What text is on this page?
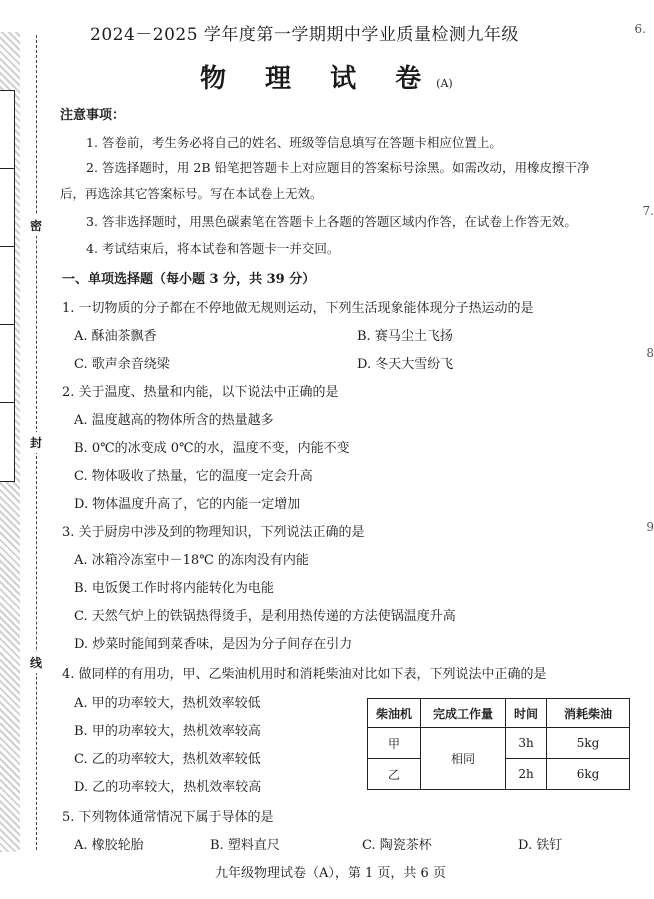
密
封
线
6.
7.
8
9
2024－2025 学年度第一学期期中学业质量检测九年级
物 理 试 卷(A)
注意事项：
1. 答卷前，考生务必将自己的姓名、班级等信息填写在答题卡相应位置上。
2. 答选择题时，用 2B 铅笔把答题卡上对应题目的答案标号涂黑。如需改动，用橡皮擦干净
后，再选涂其它答案标号。写在本试卷上无效。
3. 答非选择题时，用黑色碳素笔在答题卡上各题的答题区域内作答，在试卷上作答无效。
4. 考试结束后，将本试卷和答题卡一并交回。
一、单项选择题（每小题 3 分，共 39 分）
1. 一切物质的分子都在不停地做无规则运动，下列生活现象能体现分子热运动的是
A. 酥油茶飘香	B. 赛马尘土飞扬
C. 歌声余音绕梁	D. 冬天大雪纷飞
2. 关于温度、热量和内能，以下说法中正确的是
A. 温度越高的物体所含的热量越多
B. 0℃的冰变成 0℃的水，温度不变，内能不变
C. 物体吸收了热量，它的温度一定会升高
D. 物体温度升高了，它的内能一定增加
3. 关于厨房中涉及到的物理知识，下列说法正确的是
A. 冰箱冷冻室中－18℃ 的冻肉没有内能
B. 电饭煲工作时将内能转化为电能
C. 天然气炉上的铁锅热得烫手，是利用热传递的方法使锅温度升高
D. 炒菜时能闻到菜香味，是因为分子间存在引力
4. 做同样的有用功，甲、乙柴油机用时和消耗柴油对比如下表，下列说法中正确的是
A. 甲的功率较大，热机效率较低
B. 甲的功率较大，热机效率较高
C. 乙的功率较大，热机效率较低
D. 乙的功率较大，热机效率较高
柴油机	完成工作量	时间	消耗柴油
甲	相同	3h	5kg
乙		2h	6kg
5. 下列物体通常情况下属于导体的是
A. 橡胶轮胎	B. 塑料直尺	C. 陶瓷茶杯	D. 铁钉
九年级物理试卷（A），第 1 页，共 6 页
